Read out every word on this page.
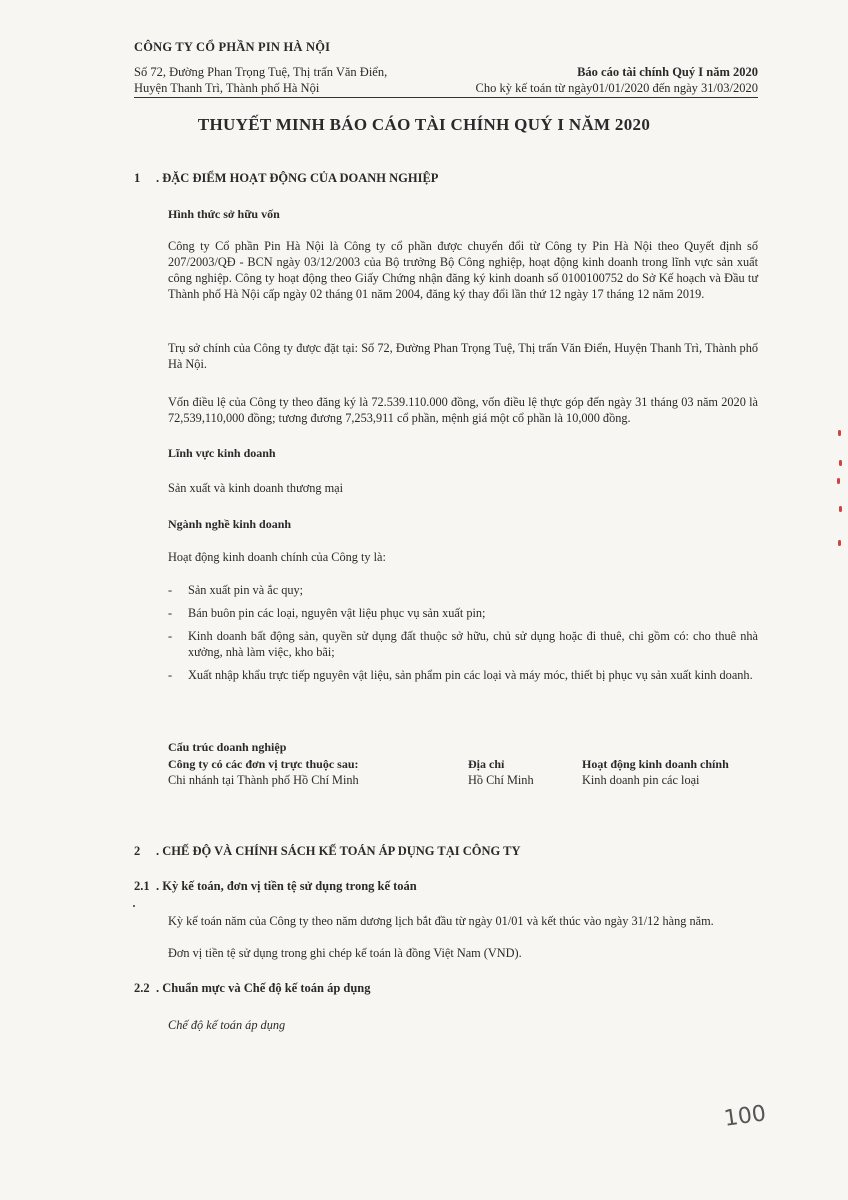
CÔNG TY CỔ PHẦN PIN HÀ NỘI
Số 72, Đường Phan Trọng Tuệ, Thị trấn Văn Điển,
Huyện Thanh Trì, Thành phố Hà Nội
Báo cáo tài chính Quý I năm 2020
Cho kỳ kế toán từ ngày01/01/2020 đến ngày 31/03/2020
THUYẾT MINH BÁO CÁO TÀI CHÍNH QUÝ I NĂM 2020
1 . ĐẶC ĐIỂM HOẠT ĐỘNG CỦA DOANH NGHIỆP
Hình thức sở hữu vốn
Công ty Cổ phần Pin Hà Nội là Công ty cổ phần được chuyển đổi từ Công ty Pin Hà Nội theo Quyết định số 207/2003/QĐ - BCN ngày 03/12/2003 của Bộ trưởng Bộ Công nghiệp, hoạt động kinh doanh trong lĩnh vực sản xuất công nghiệp. Công ty hoạt động theo Giấy Chứng nhận đăng ký kinh doanh số 0100100752 do Sở Kế hoạch và Đầu tư Thành phố Hà Nội cấp ngày 02 tháng 01 năm 2004, đăng ký thay đổi lần thứ 12 ngày 17 tháng 12 năm 2019.
Trụ sở chính của Công ty được đặt tại: Số 72, Đường Phan Trọng Tuệ, Thị trấn Văn Điển, Huyện Thanh Trì, Thành phố Hà Nội.
Vốn điều lệ của Công ty theo đăng ký là 72.539.110.000 đồng, vốn điều lệ thực góp đến ngày 31 tháng 03 năm 2020 là 72,539,110,000 đồng; tương đương 7,253,911 cổ phần, mệnh giá một cổ phần là 10,000 đồng.
Lĩnh vực kinh doanh
Sản xuất và kinh doanh thương mại
Ngành nghề kinh doanh
Hoạt động kinh doanh chính của Công ty là:
- Sản xuất pin và ắc quy;
- Bán buôn pin các loại, nguyên vật liệu phục vụ sản xuất pin;
- Kinh doanh bất động sản, quyền sử dụng đất thuộc sở hữu, chủ sử dụng hoặc đi thuê, chi gồm có: cho thuê nhà xưởng, nhà làm việc, kho bãi;
- Xuất nhập khẩu trực tiếp nguyên vật liệu, sản phẩm pin các loại và máy móc, thiết bị phục vụ sản xuất kinh doanh.
Cấu trúc doanh nghiệp
Công ty có các đơn vị trực thuộc sau:	Địa chỉ	Hoạt động kinh doanh chính
Chi nhánh tại Thành phố Hồ Chí Minh	Hồ Chí Minh	Kinh doanh pin các loại
2 . CHẾ ĐỘ VÀ CHÍNH SÁCH KẾ TOÁN ÁP DỤNG TẠI CÔNG TY
2.1 . Kỳ kế toán, đơn vị tiền tệ sử dụng trong kế toán
Kỳ kế toán năm của Công ty theo năm dương lịch bắt đầu từ ngày 01/01 và kết thúc vào ngày 31/12 hàng năm.
Đơn vị tiền tệ sử dụng trong ghi chép kế toán là đồng Việt Nam (VND).
2.2 . Chuẩn mực và Chế độ kế toán áp dụng
Chế độ kế toán áp dụng
100
